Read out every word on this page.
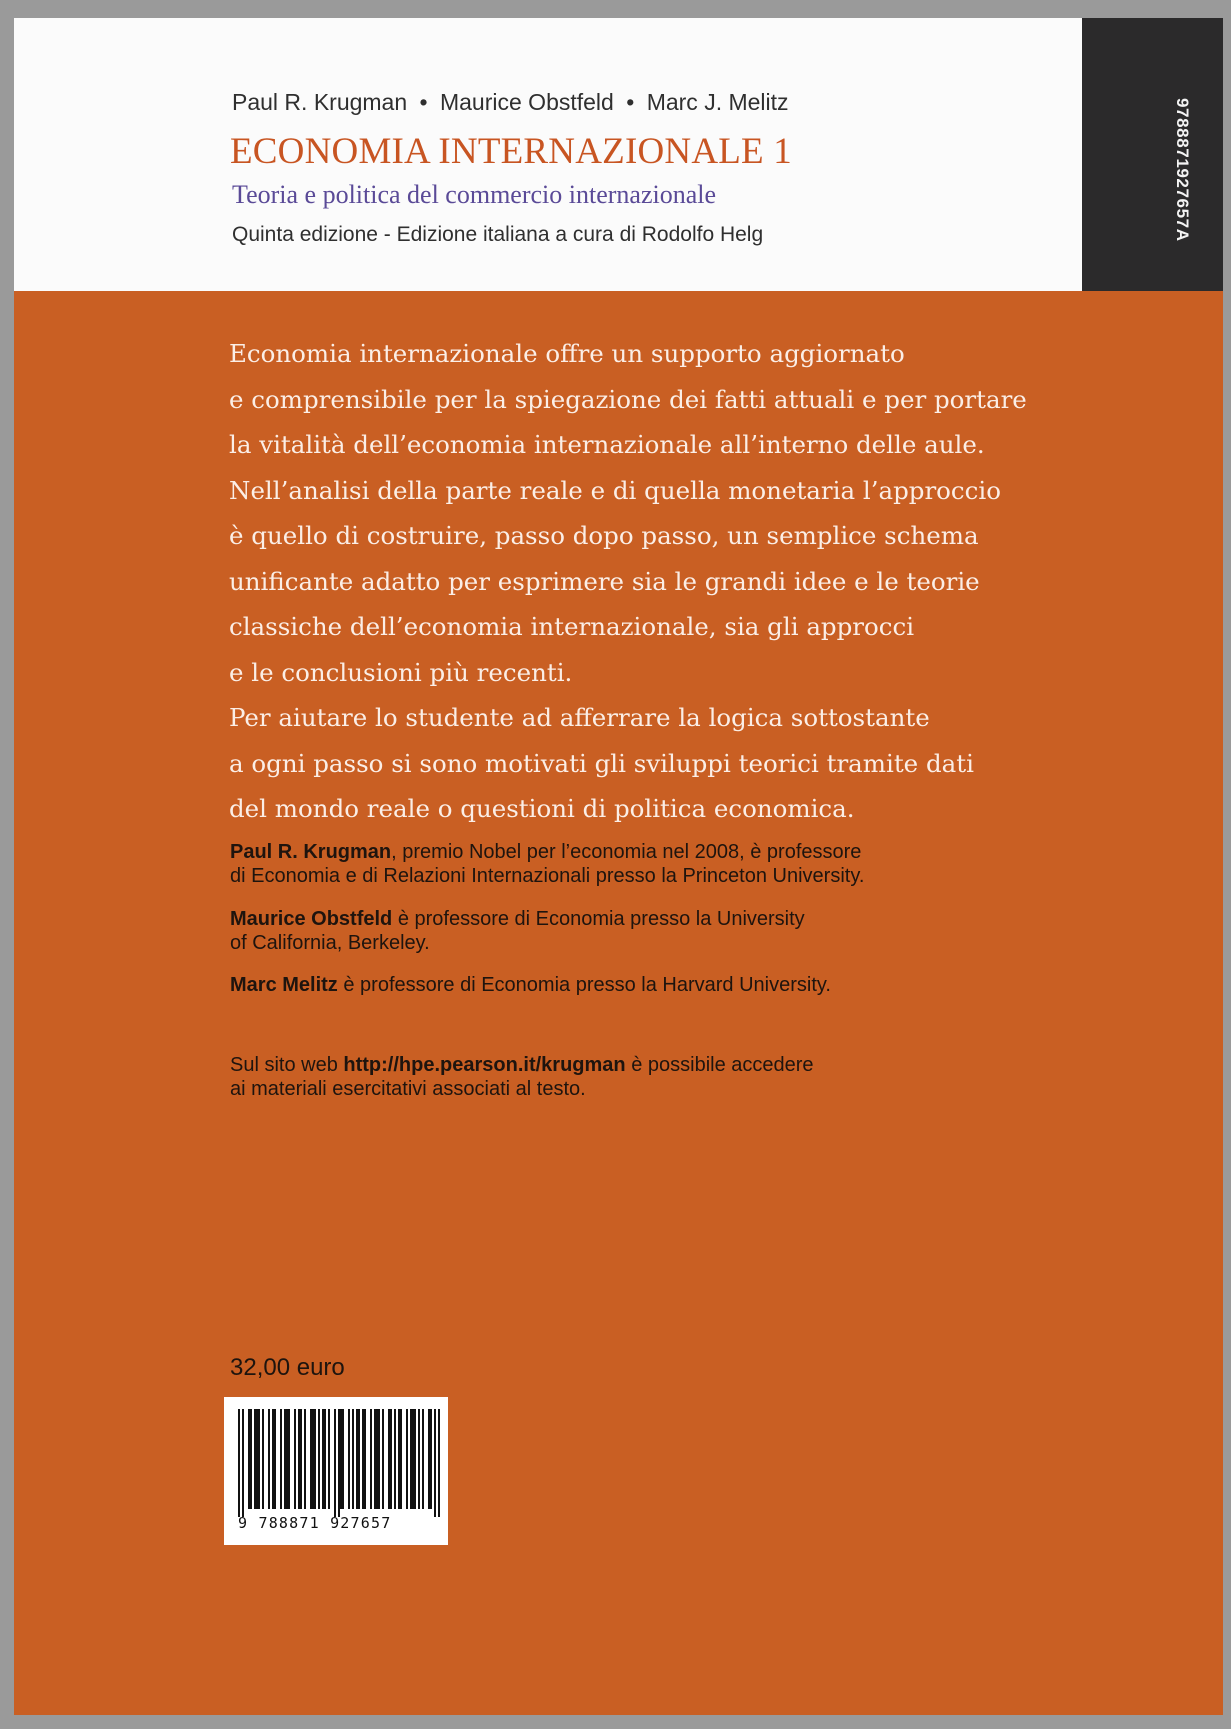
Paul R. Krugman • Maurice Obstfeld • Marc J. Melitz
ECONOMIA INTERNAZIONALE 1
Teoria e politica del commercio internazionale
Quinta edizione - Edizione italiana a cura di Rodolfo Helg	9788871927657A
Economia internazionale offre un supporto aggiornato
e comprensibile per la spiegazione dei fatti attuali e per portare
la vitalità dell’economia internazionale all’interno delle aule.
Nell’analisi della parte reale e di quella monetaria l’approccio
è quello di costruire, passo dopo passo, un semplice schema
unificante adatto per esprimere sia le grandi idee e le teorie
classiche dell’economia internazionale, sia gli approcci
e le conclusioni più recenti.
Per aiutare lo studente ad afferrare la logica sottostante
a ogni passo si sono motivati gli sviluppi teorici tramite dati
del mondo reale o questioni di politica economica.
Paul R. Krugman, premio Nobel per l’economia nel 2008, è professore
di Economia e di Relazioni Internazionali presso la Princeton University.
Maurice Obstfeld è professore di Economia presso la University
of California, Berkeley.
Marc Melitz è professore di Economia presso la Harvard University.
Sul sito web http://hpe.pearson.it/krugman è possibile accedere
ai materiali esercitativi associati al testo.
32,00 euro
9 788871 927657
